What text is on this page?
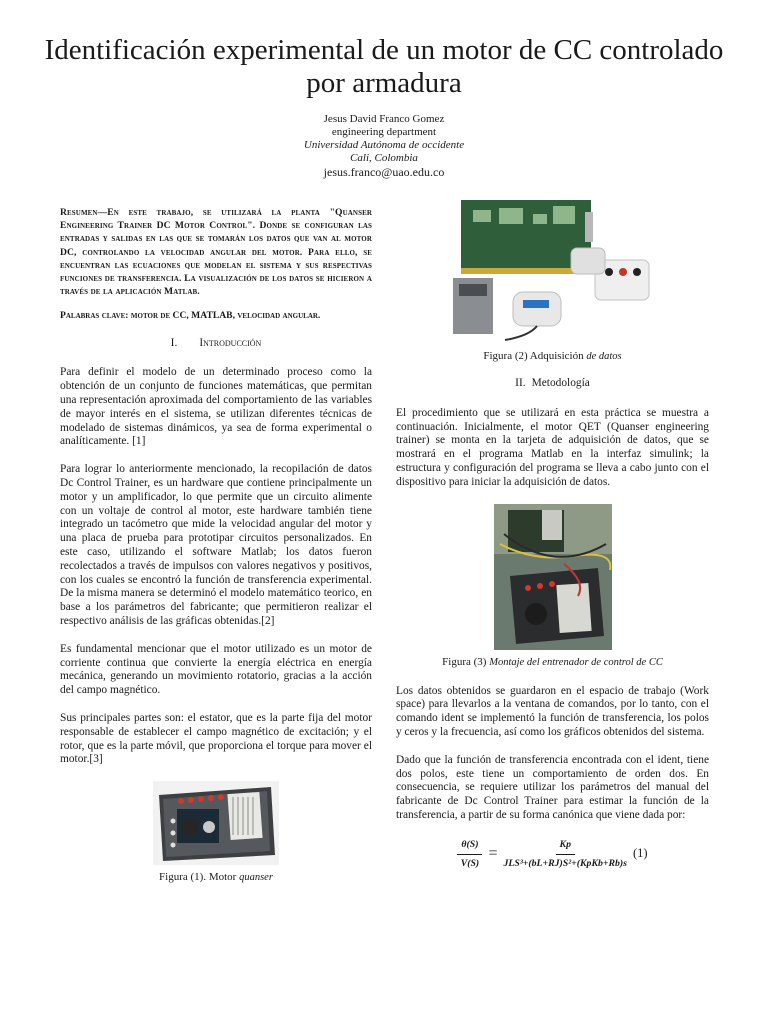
Identificación experimental de un motor de CC controlado por armadura
Jesus David Franco Gomez
engineering department
Universidad Autónoma de occidente
Cali, Colombia
jesus.franco@uao.edu.co

Resumen—En este trabajo, se utilizará la planta "Quanser Engineering Trainer DC Motor Control". Donde se configuran las entradas y salidas en las que se tomarán los datos que van al motor DC, controlando la velocidad angular del motor. Para ello, se encuentran las ecuaciones que modelan el sistema y sus respectivas funciones de transferencia. La visualización de los datos se hicieron a través de la aplicación Matlab.

Palabras clave: motor de CC, MATLAB, velocidad angular.

I. Introducción

Para definir el modelo de un determinado proceso como la obtención de un conjunto de funciones matemáticas, que permitan una representación aproximada del comportamiento de las variables de mayor interés en el sistema, se utilizan diferentes técnicas de modelado de sistemas dinámicos, ya sea de forma experimental o analíticamente. [1]

Para lograr lo anteriormente mencionado, la recopilación de datos Dc Control Trainer, es un hardware que contiene principalmente un motor y un amplificador, lo que permite que un circuito alimente con un voltaje de control al motor, este hardware también tiene integrado un tacómetro que mide la velocidad angular del motor y una placa de prueba para prototipar circuitos personalizados. En este caso, utilizando el software Matlab; los datos fueron recolectados a través de impulsos con valores negativos y positivos, con los cuales se encontró la función de transferencia experimental. De la misma manera se determinó el modelo matemático teorico, en base a los parámetros del fabricante; que permitieron realizar el respectivo análisis de las gráficas obtenidas.[2]

Es fundamental mencionar que el motor utilizado es un motor de corriente continua que convierte la energía eléctrica en energía mecánica, generando un movimiento rotatorio, gracias a la acción del campo magnético.

Sus principales partes son: el estator, que es la parte fija del motor responsable de establecer el campo magnético de excitación; y el rotor, que es la parte móvil, que proporciona el torque para mover el motor.[3]

Figura (1). Motor quanser
Figura (2) Adquisición de datos
II. Metodología

El procedimiento que se utilizará en esta práctica se muestra a continuación. Inicialmente, el motor QET (Quanser engineering trainer) se monta en la tarjeta de adquisición de datos, que se mostrará en el programa Matlab en la interfaz simulink; la estructura y configuración del programa se lleva a cabo junto con el dispositivo para iniciar la adquisición de datos.

Figura (3) Montaje del entrenador de control de CC

Los datos obtenidos se guardaron en el espacio de trabajo (Work space) para llevarlos a la ventana de comandos, por lo tanto, con el comando ident se implementó la función de transferencia, los polos y ceros y la frecuencia, así como los gráficos obtenidos del sistema.

Dado que la función de transferencia encontrada con el ident, tiene dos polos, este tiene un comportamiento de orden dos. En consecuencia, se requiere utilizar los parámetros del manual del fabricante de Dc Control Trainer para estimar la función de la transferencia, a partir de su forma canónica que viene dada por:

$\frac{\theta(S)}{V(S)} = \frac{Kp}{\text{JLS³+(bL+RJ)S²+(KpKb+Rb)s}} (1)$
